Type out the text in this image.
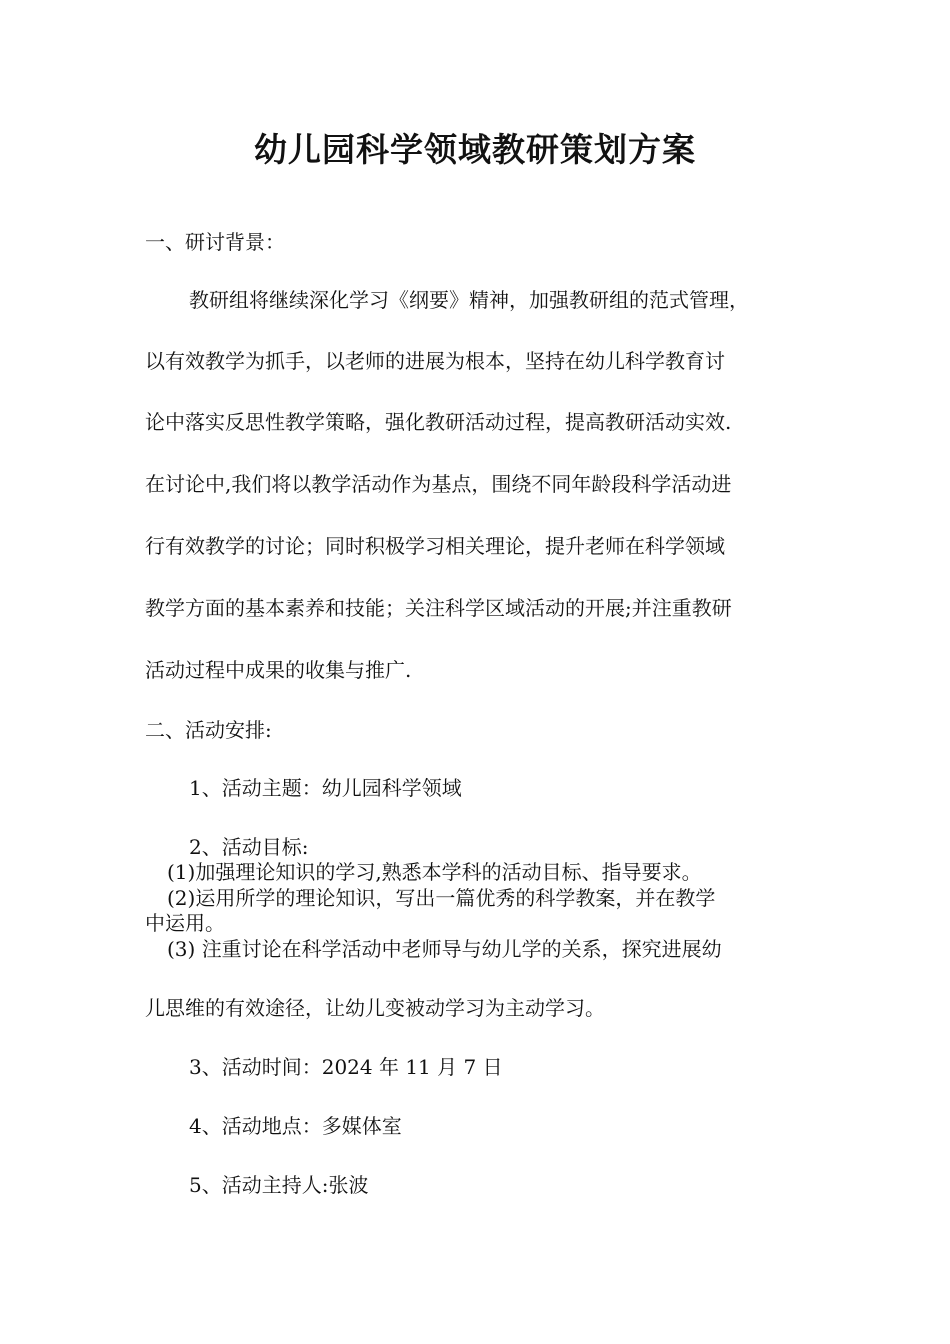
幼儿园科学领域教研策划方案
一、研讨背景：
教研组将继续深化学习《纲要》精神，加强教研组的范式管理，
以有效教学为抓手，以老师的进展为根本，坚持在幼儿科学教育讨
论中落实反思性教学策略，强化教研活动过程，提高教研活动实效.
在讨论中,我们将以教学活动作为基点，围绕不同年龄段科学活动进
行有效教学的讨论；同时积极学习相关理论，提升老师在科学领域
教学方面的基本素养和技能；关注科学区域活动的开展;并注重教研
活动过程中成果的收集与推广.
二、活动安排:
1、活动主题：幼儿园科学领域
2、活动目标:
(1)加强理论知识的学习,熟悉本学科的活动目标、指导要求。
(2)运用所学的理论知识，写出一篇优秀的科学教案，并在教学
中运用。
(3) 注重讨论在科学活动中老师导与幼儿学的关系，探究进展幼
儿思维的有效途径，让幼儿变被动学习为主动学习。
3、活动时间：2024 年 11 月 7 日
4、活动地点：多媒体室
5、活动主持人:张波
